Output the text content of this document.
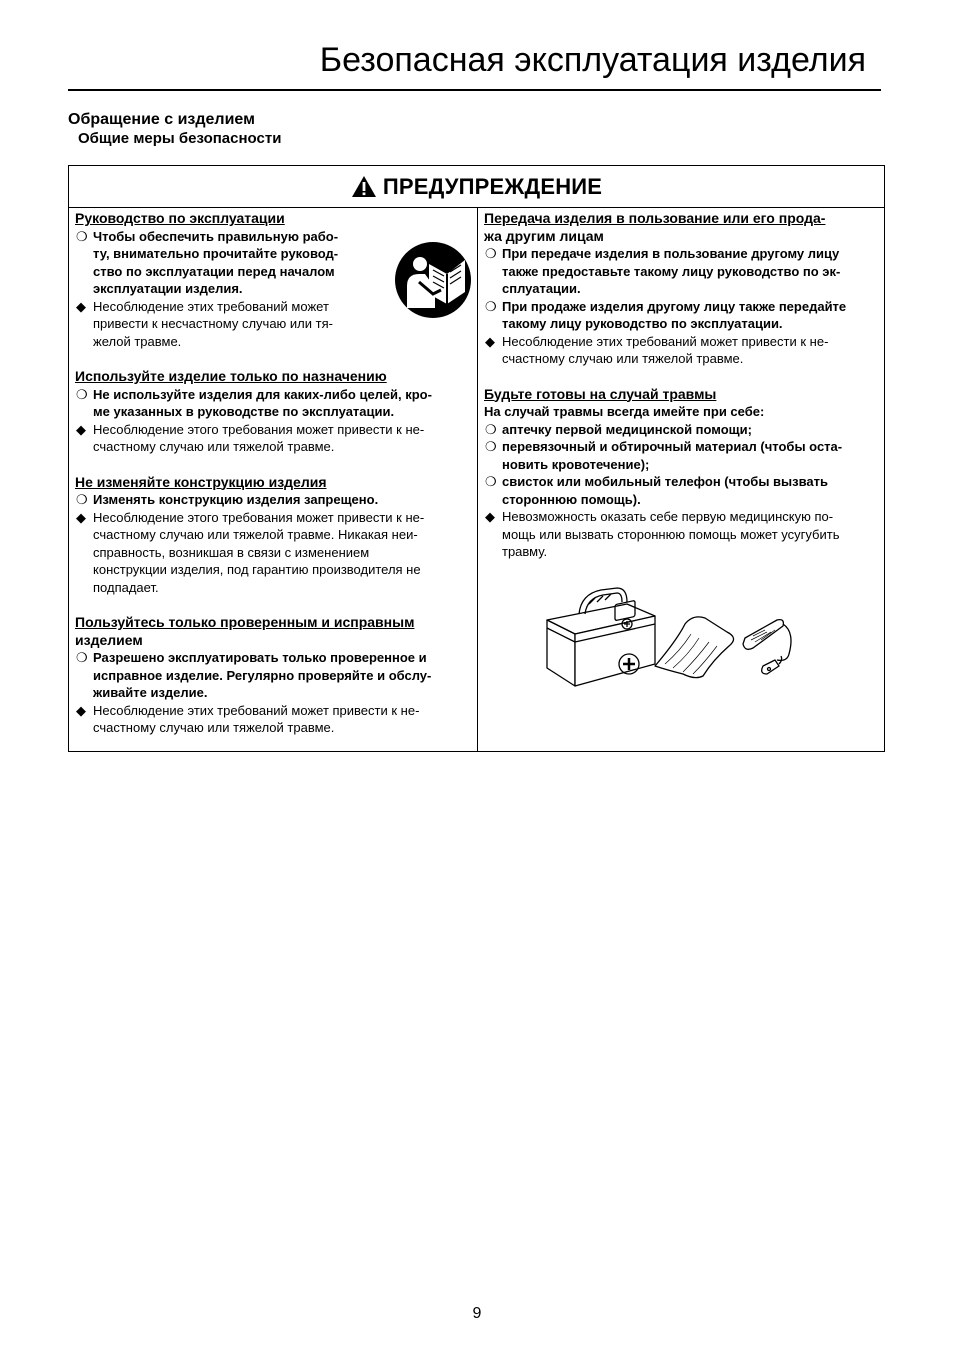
Безопасная эксплуатация изделия
Обращение с изделием
Общие меры безопасности
ПРЕДУПРЕЖДЕНИЕ
Руководство по эксплуатации
❍ Чтобы обеспечить правильную рабо-
ту, внимательно прочитайте руковод-
ство по эксплуатации перед началом
эксплуатации изделия.
◆ Несоблюдение этих требований может
привести к несчастному случаю или тя-
желой травме.
Используйте изделие только по назначению
❍ Не используйте изделия для каких-либо целей, кро-
ме указанных в руководстве по эксплуатации.
◆ Несоблюдение этого требования может привести к не-
счастному случаю или тяжелой травме.
Не изменяйте конструкцию изделия
❍ Изменять конструкцию изделия запрещено.
◆ Несоблюдение этого требования может привести к не-
счастному случаю или тяжелой травме. Никакая неи-
справность, возникшая в связи с изменением
конструкции изделия, под гарантию производителя не
подпадает.
Пользуйтесь только проверенным и исправным
изделием
❍ Разрешено эксплуатировать только проверенное и
исправное изделие. Регулярно проверяйте и обслу-
живайте изделие.
◆ Несоблюдение этих требований может привести к не-
счастному случаю или тяжелой травме.
Передача изделия в пользование или его прода-
жа другим лицам
❍ При передаче изделия в пользование другому лицу
также предоставьте такому лицу руководство по эк-
сплуатации.
❍ При продаже изделия другому лицу также передайте
такому лицу руководство по эксплуатации.
◆ Несоблюдение этих требований может привести к не-
счастному случаю или тяжелой травме.
Будьте готовы на случай травмы
На случай травмы всегда имейте при себе:
❍ аптечку первой медицинской помощи;
❍ перевязочный и обтирочный материал (чтобы оста-
новить кровотечение);
❍ свисток или мобильный телефон (чтобы вызвать
стороннюю помощь).
◆ Невозможность оказать себе первую медицинскую по-
мощь или вызвать стороннюю помощь может усугубить
травму.
9
